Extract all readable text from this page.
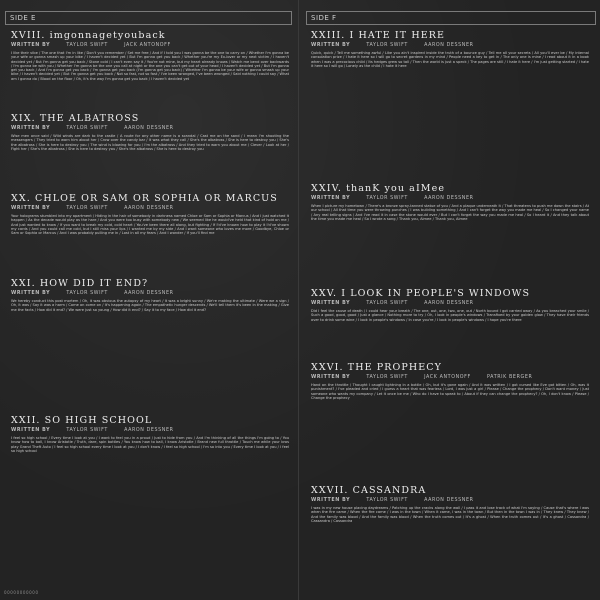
SIDE E
XVIII. imgonnagetyouback
WRITTEN BY	TAYLOR SWIFT	JACK ANTONOFF
I like their vibe / The one that I'm in like / Don't you remember / Set me free / And if I told you I was gonna be the one to carry on / Whether I'm gonna be your wife or gonna smash up your bike / I haven't decided yet / But I'm gonna get you back / Whether you're my Ex-lover or my next victim / I haven't decided yet / But I'm gonna get you back / Stone cold / I can't even say it / You're not mine, but my heart already knows / Watch me bend over backwards / I'm gonna be with you / Whether I'm gonna be the one you call at night or the one you can't get out of your head / I haven't decided yet / But I'm gonna get you back / And I'm gonna get you back / I'm gonna get you back (I'm gonna get you back) / Whether I'm gonna be your wife or gonna smash up your bike / I haven't decided yet / But I'm gonna get you back / Not so fast, not so fast / I've been wronged, I've been wronged / Said nothing I could say / What am I gonna do / Blood on the floor / Oh, it's the way I'm gonna get you back / I haven't decided yet
XIX. THE ALBATROSS
WRITTEN BY	TAYLOR SWIFT	AARON DESSNER
Wise men once said / Wild winds are dark to the castle / A route for any other name is a scandal / Cast me on the sand / I mean I'm shooting the messengers / They tried to warn him about her / Crow over the candy bar / It was what they call / She's the albatross / She is here to destroy you / She's the albatross / She is here to destroy you / The wind is blowing for you / I'm the albatross / And they tried to warn you about me / Clever / Look at her / Fight her / She's the albatross / She is here to destroy you / She's the albatross / She is here to destroy you
XX. CHLOE OR SAM OR SOPHIA OR MARCUS
WRITTEN BY	TAYLOR SWIFT	AARON DESSNER
Your holograms stumbled into my apartment / Hiding in the hair of somebody in darkness named Chloe or Sam or Sophia or Marcus / And I just watched it happen / As the decade would play as the hare / And you were too busy with somebody new / We seemed like he would've held that kind of hold on me / And just wanted to know / If you want to break my cold, cold heart / You've been there all along, but fighting / If I'd've known how to play it I'd've shown my cards / And you could call me cold, but I still miss your lips / I wanted me by my side / And I want someone who loves me more / Goodbye, Chloe or Sam or Sophia or Marcus / And I was probably pulling me in / Lost in all my fears / And I wonder / If you'll find me
XXI. HOW DID IT END?
WRITTEN BY	TAYLOR SWIFT	AARON DESSNER
We hereby conduct this post mortem / Oh, it was obvious the autopsy of my heart / It was a bright sunny / We're making the ultimate / Were we a sign / Oh, it was / Say it was a harm / Come on come on / It's happening again / The empathetic hunger descends / We'll tell them it's been in the making / Give me the facts / How did it end? / We were just so young / How did it end? / Say it to my face / How did it end?
XXII. SO HIGH SCHOOL
WRITTEN BY	TAYLOR SWIFT	AARON DESSNER
I feel so high school / Every time I look at you / I want to feel you in a proud / Just to hide from you / And I'm thinking of all the things I'm going to / You know how to ball, I know Aristotle / Truth, dare, spin bottles / You know how to ball, I know Aristotle / Brand new full throttle / Touch me while your bros play Grand Theft Auto / I feel so high school every time I look at you / I don't know / I feel so high school / I'm so into you / Every time I look at you / I feel so high school
SIDE F
XXIII. I HATE IT HERE
WRITTEN BY	TAYLOR SWIFT	AARON DESSNER
Quick, quick / Tell me something awful / Like you ain't inspired inside the truth of a bounce guy / Tell me all your secrets / All you'll ever be / My internal consolation prize / I hate it here so I will go to secret gardens in my mind / People need a key to get in / The only one is mine / I read about it in a book when I was a precocious child / Its hedges grew so tall / Then the world is just a speck / The pages are still / I hate it here / I'm just getting started / I hate it here so I will go / Lonely as the child / I hate it here
XXIV. thanK you aIMee
WRITTEN BY	TAYLOR SWIFT	AARON DESSNER
When I picture my hometown / There's a bronze spray-tanned statue of you / And a plaque underneath it / That threatens to push me down the stairs / At our school / All that time you were throwing punches / I was building something / And I can't forget the way you made me heal / So I changed your name / Any real telling signs / And I've read it in case the stone would ever / But I can't forget the way you made me heal / So I heard it / And they talk about the time you made me heal / So I wrote a song / Thank you, Aimee / Thank you, Aimee
XXV. I LOOK IN PEOPLE'S WINDOWS
WRITTEN BY	TAYLOR SWIFT	AARON DESSNER
Did I feel the cause of death / I could hear your breath / The one, out, one, two, one, out / North bound I got carried away / As you breached your smile / Such a good, good, good / Just a glance / Nothing more to try / Oh, I look in people's windows / Transfixed by your golden glow / They have their friends over to drink some wine / I look in people's windows / In case you're / I look in people's windows / I hope you're there
XXVI. THE PROPHECY
WRITTEN BY	TAYLOR SWIFT	JACK ANTONOFF	PATRIK BERGER
Hand on the throttle / Thought I caught lightning in a bottle / Oh, but it's gone again / And it was written / I got cursed like Eve got bitten / Oh, was it punishment? / I've pleaded and cried / I guess a heart that was fearless / Lord, I was just a girl / Please / Change the prophecy / Don't want money / Just someone who wants my company / Let it once be me / Who do I have to speak to / About if they can change the prophecy? / Oh, I don't know / Please / Change the prophecy
XXVII. CASSANDRA
WRITTEN BY	TAYLOR SWIFT	AARON DESSNER
I was in my new house placing daydreams / Patching up the cracks along the wall / I pass it and lose track of what I'm saying / Cause that's where I was when the fire came / When the fire came / I was in the town / When it came, I was in the town / But then in the town I was in / They knew / They knew / And the family was blood / And the family was blood / When the truth comes out / It's a ghost / When the truth comes out / It's a ghost / Cassandra / Cassandra / Cassandra
00000000000
